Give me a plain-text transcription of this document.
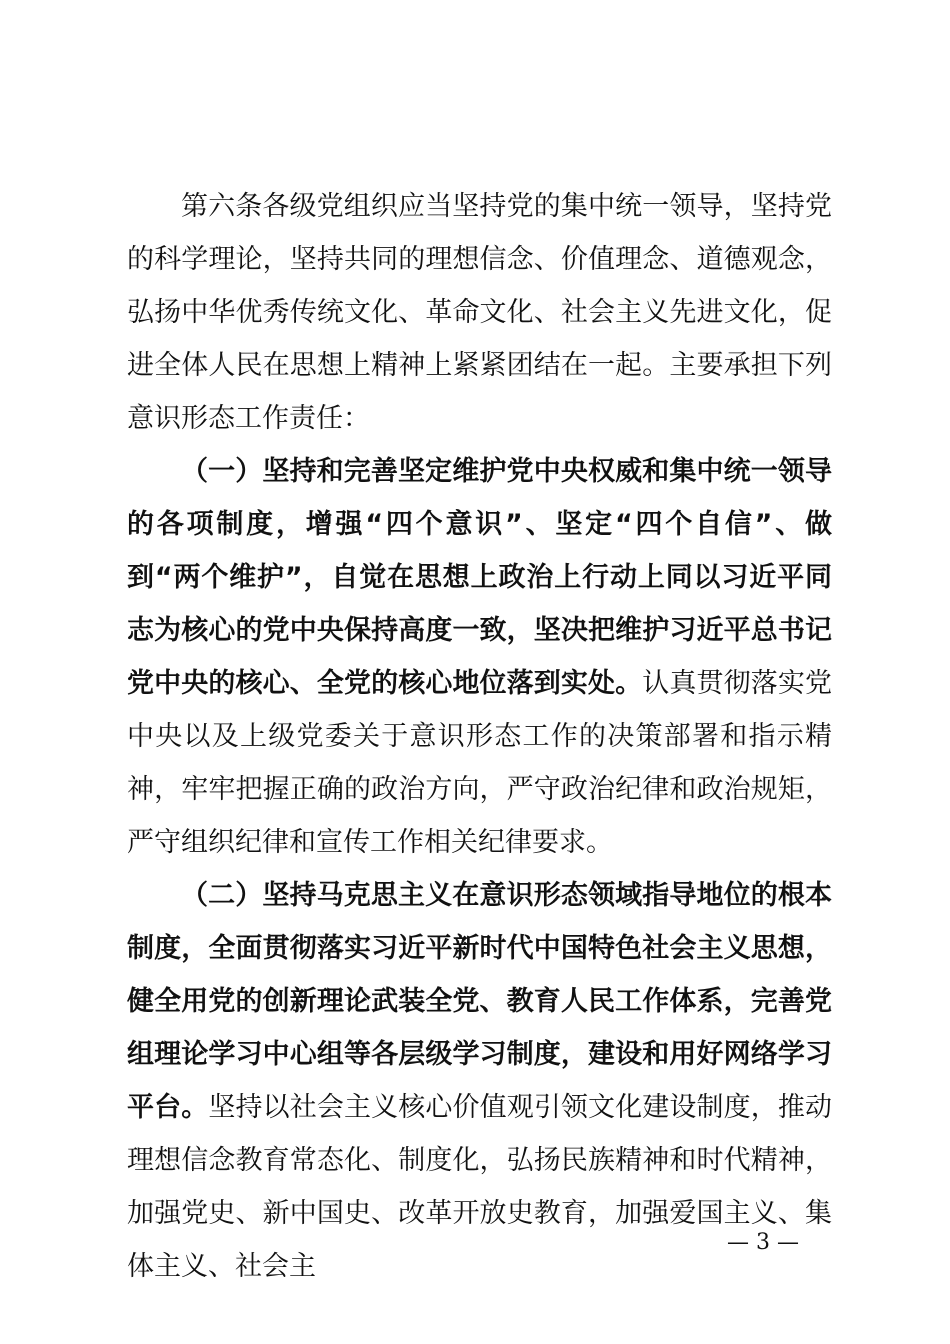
第六条各级党组织应当坚持党的集中统一领导，坚持党的科学理论，坚持共同的理想信念、价值理念、道德观念，弘扬中华优秀传统文化、革命文化、社会主义先进文化，促进全体人民在思想上精神上紧紧团结在一起。主要承担下列意识形态工作责任：

（一）坚持和完善坚定维护党中央权威和集中统一领导的各项制度，增强“四个意识”、坚定“四个自信”、做到“两个维护”，自觉在思想上政治上行动上同以习近平同志为核心的党中央保持高度一致，坚决把维护习近平总书记党中央的核心、全党的核心地位落到实处。认真贯彻落实党中央以及上级党委关于意识形态工作的决策部署和指示精神，牢牢把握正确的政治方向，严守政治纪律和政治规矩，严守组织纪律和宣传工作相关纪律要求。

（二）坚持马克思主义在意识形态领域指导地位的根本制度，全面贯彻落实习近平新时代中国特色社会主义思想，健全用党的创新理论武装全党、教育人民工作体系，完善党组理论学习中心组等各层级学习制度，建设和用好网络学习平台。坚持以社会主义核心价值观引领文化建设制度，推动理想信念教育常态化、制度化，弘扬民族精神和时代精神，加强党史、新中国史、改革开放史教育，加强爱国主义、集体主义、社会主

— 3 —
